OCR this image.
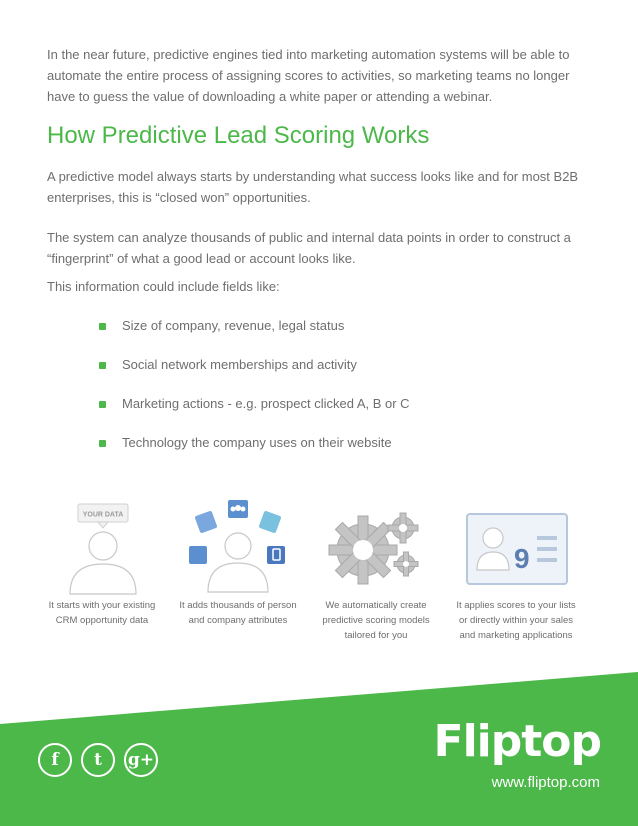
In the near future, predictive engines tied into marketing automation systems will be able to automate the entire process of assigning scores to activities, so marketing teams no longer have to guess the value of downloading a white paper or attending a webinar.

How Predictive Lead Scoring Works

A predictive model always starts by understanding what success looks like and for most B2B enterprises, this is “closed won” opportunities.

The system can analyze thousands of public and internal data points in order to construct a “fingerprint” of what a good lead or account looks like.

This information could include fields like:

Size of company, revenue, legal status
Social network memberships and activity
Marketing actions - e.g. prospect clicked A, B or C
Technology the company uses on their website
YOUR DATA
It starts with your existing CRM opportunity data
It adds thousands of person and company attributes
We automatically create predictive scoring models tailored for you
9
It applies scores to your lists or directly within your sales and marketing applications
f	t	g+	Fliptop
www.fliptop.com
